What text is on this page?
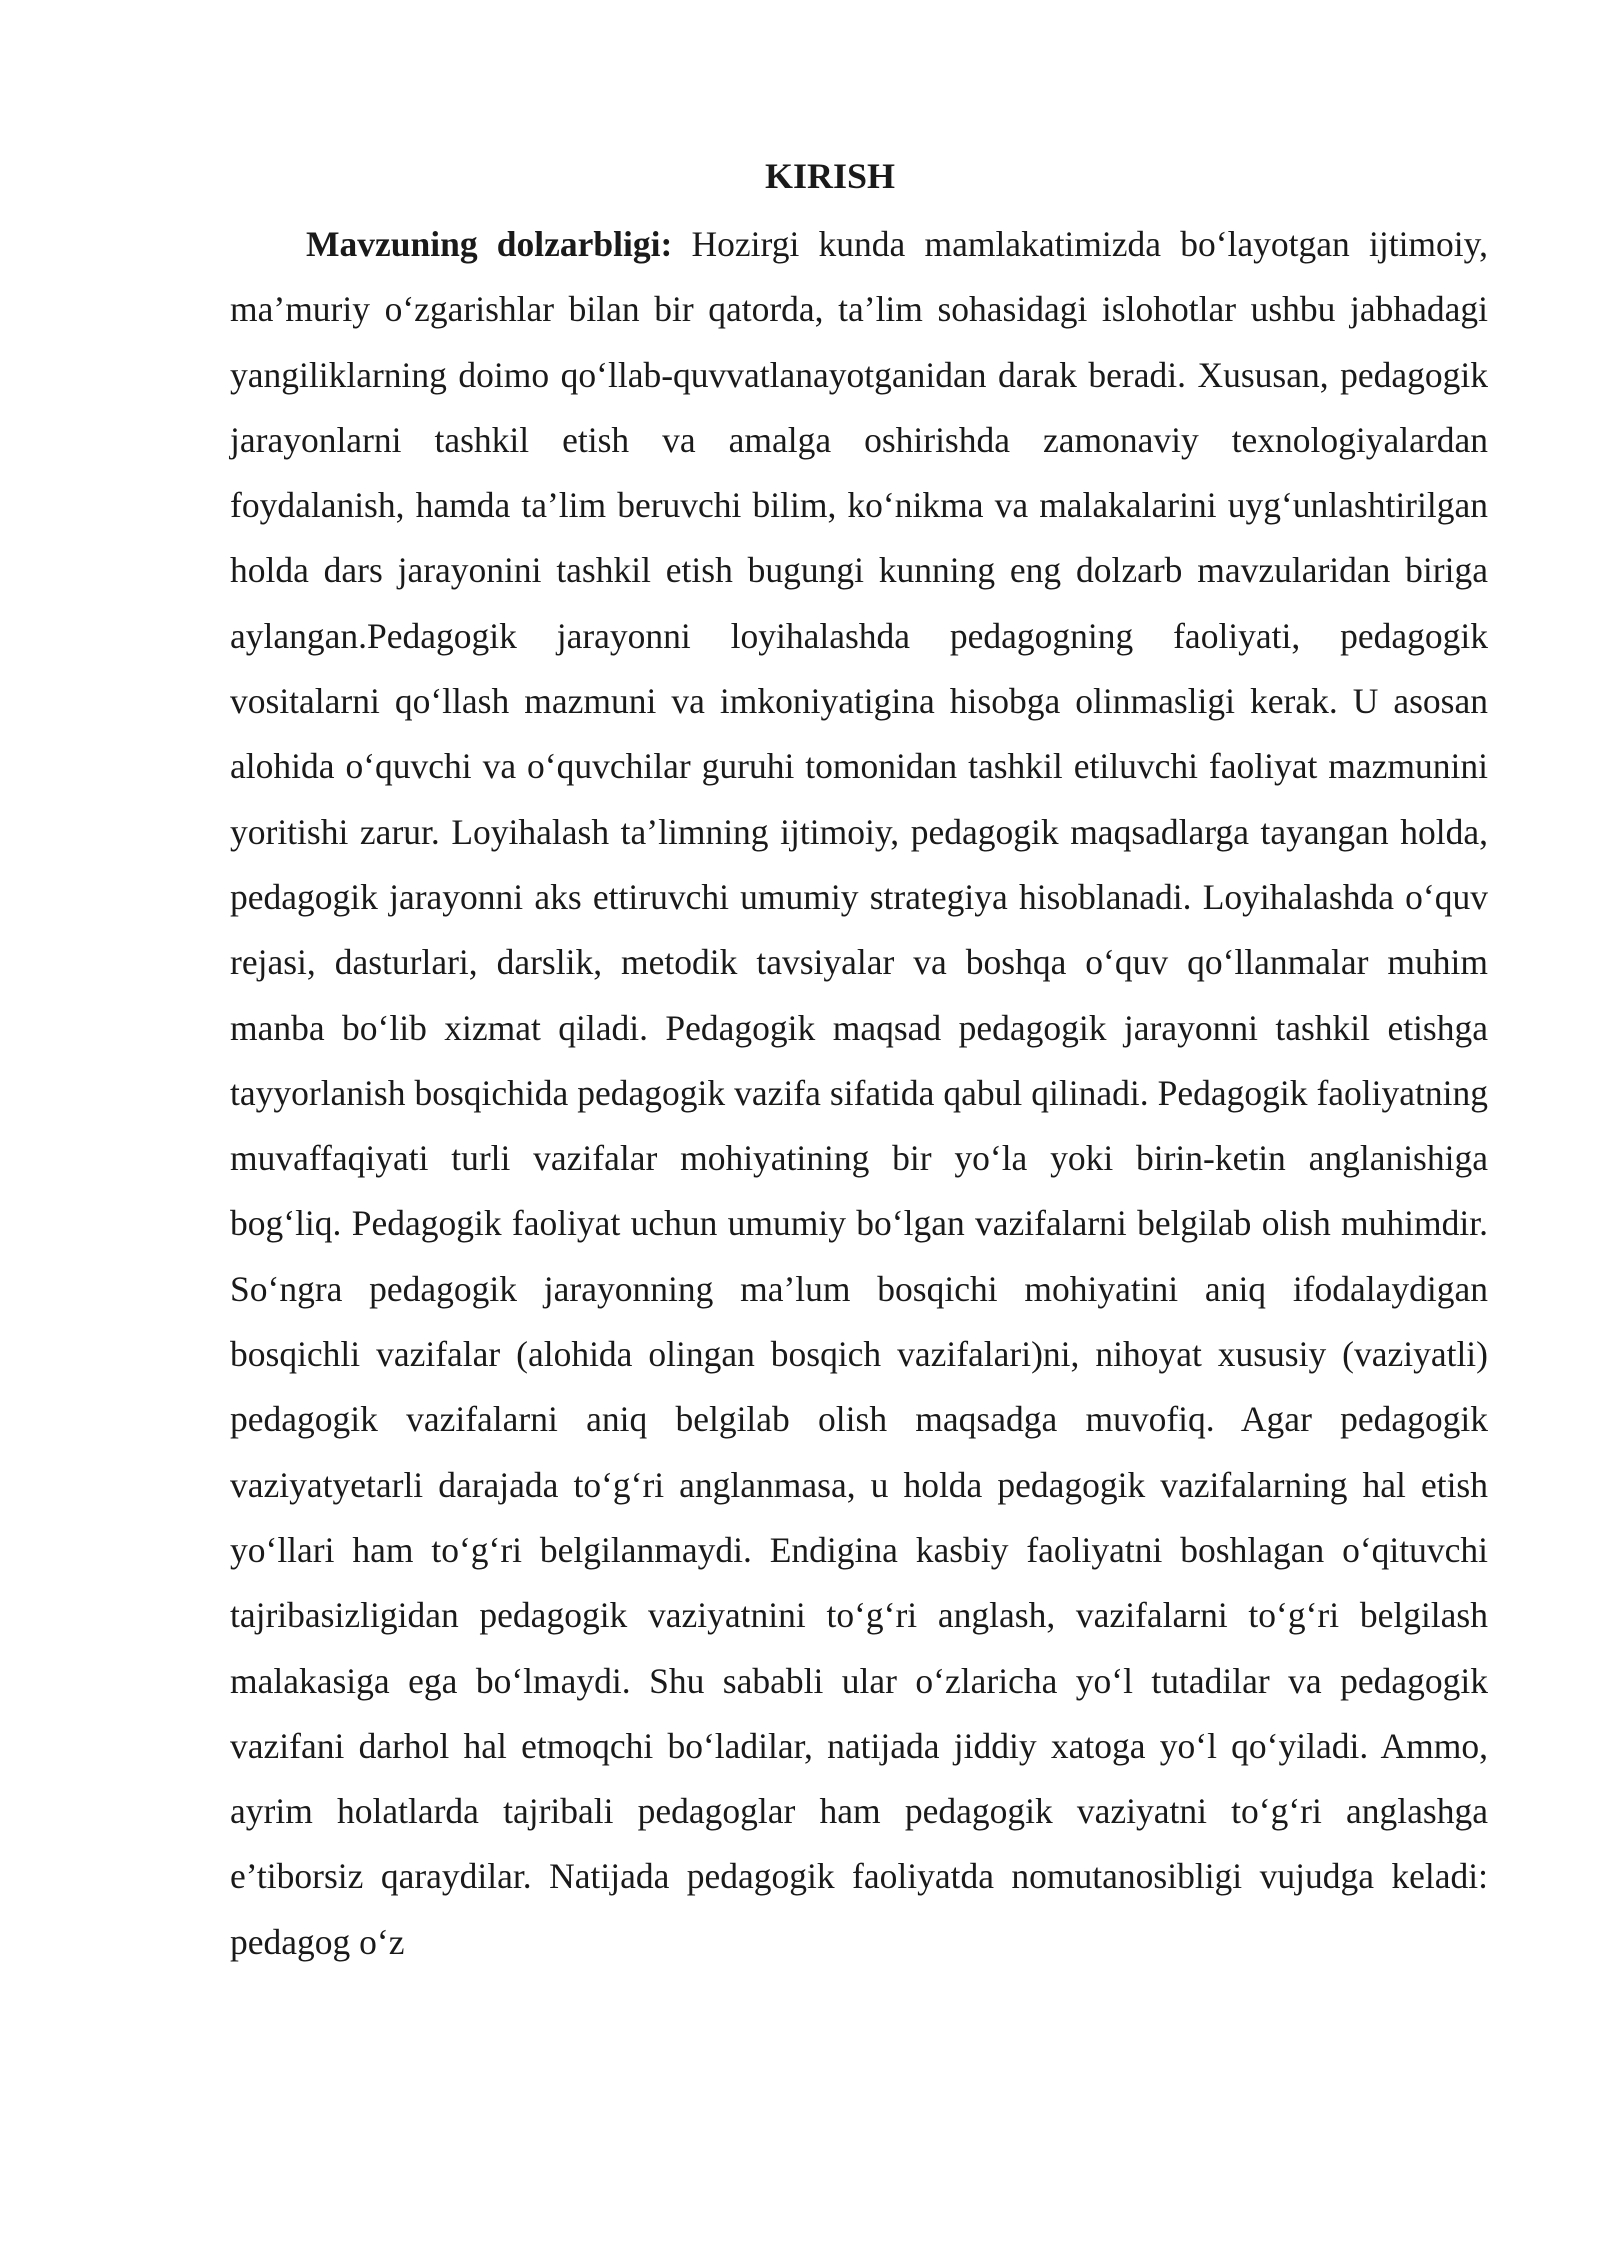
KIRISH

Mavzuning dolzarbligi: Hozirgi kunda mamlakatimizda bo‘layotgan ijtimoiy, ma’muriy o‘zgarishlar bilan bir qatorda, ta’lim sohasidagi islohotlar ushbu jabhadagi yangiliklarning doimo qo‘llab-quvvatlanayotganidan darak beradi. Xususan, pedagogik jarayonlarni tashkil etish va amalga oshirishda zamonaviy texnologiyalardan foydalanish, hamda ta’lim beruvchi bilim, ko‘nikma va malakalarini uyg‘unlashtirilgan holda dars jarayonini tashkil etish bugungi kunning eng dolzarb mavzularidan biriga aylangan.Pedagogik jarayonni loyihalashda pedagogning faoliyati, pedagogik vositalarni qo‘llash mazmuni va imkoniyatigina hisobga olinmasligi kerak. U asosan alohida o‘quvchi va o‘quvchilar guruhi tomonidan tashkil etiluvchi faoliyat mazmunini yoritishi zarur. Loyihalash ta’limning ijtimoiy, pedagogik maqsadlarga tayangan holda, pedagogik jarayonni aks ettiruvchi umumiy strategiya hisoblanadi. Loyihalashda o‘quv rejasi, dasturlari, darslik, metodik tavsiyalar va boshqa o‘quv qo‘llanmalar muhim manba bo‘lib xizmat qiladi. Pedagogik maqsad pedagogik jarayonni tashkil etishga tayyorlanish bosqichida pedagogik vazifa sifatida qabul qilinadi. Pedagogik faoliyatning muvaffaqiyati turli vazifalar mohiyatining bir yo‘la yoki birin-ketin anglanishiga bog‘liq. Pedagogik faoliyat uchun umumiy bo‘lgan vazifalarni belgilab olish muhimdir. So‘ngra pedagogik jarayonning ma’lum bosqichi mohiyatini aniq ifodalaydigan bosqichli vazifalar (alohida olingan bosqich vazifalari)ni, nihoyat xususiy (vaziyatli) pedagogik vazifalarni aniq belgilab olish maqsadga muvofiq. Agar pedagogik vaziyatyetarli darajada to‘g‘ri anglanmasa, u holda pedagogik vazifalarning hal etish yo‘llari ham to‘g‘ri belgilanmaydi. Endigina kasbiy faoliyatni boshlagan o‘qituvchi tajribasizligidan pedagogik vaziyatnini to‘g‘ri anglash, vazifalarni to‘g‘ri belgilash malakasiga ega bo‘lmaydi. Shu sababli ular o‘zlaricha yo‘l tutadilar va pedagogik vazifani darhol hal etmoqchi bo‘ladilar, natijada jiddiy xatoga yo‘l qo‘yiladi. Ammo, ayrim holatlarda tajribali pedagoglar ham pedagogik vaziyatni to‘g‘ri anglashga e’tiborsiz qaraydilar. Natijada pedagogik faoliyatda nomutanosibligi vujudga keladi: pedagog o‘z
